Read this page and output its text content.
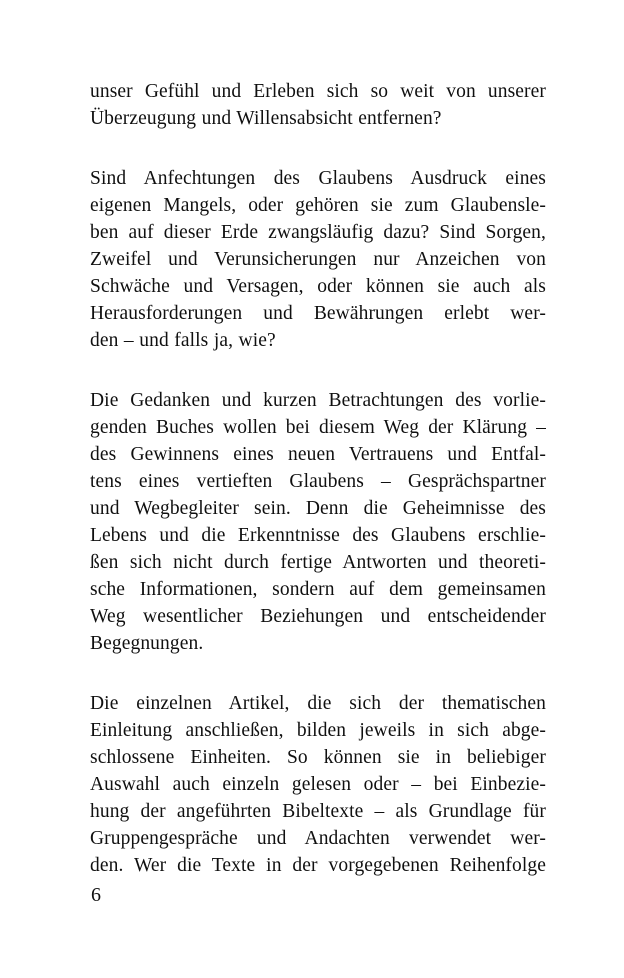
unser Gefühl und Erleben sich so weit von unserer
Überzeugung und Willensabsicht entfernen?
Sind Anfechtungen des Glaubens Ausdruck eines
eigenen Mangels, oder gehören sie zum Glaubensle-
ben auf dieser Erde zwangsläufig dazu? Sind Sorgen,
Zweifel und Verunsicherungen nur Anzeichen von
Schwäche und Versagen, oder können sie auch als
Herausforderungen und Bewährungen erlebt wer-
den – und falls ja, wie?
Die Gedanken und kurzen Betrachtungen des vorlie-
genden Buches wollen bei diesem Weg der Klärung –
des Gewinnens eines neuen Vertrauens und Entfal-
tens eines vertieften Glaubens – Gesprächspartner
und Wegbegleiter sein. Denn die Geheimnisse des
Lebens und die Erkenntnisse des Glaubens erschlie-
ßen sich nicht durch fertige Antworten und theoreti-
sche Informationen, sondern auf dem gemeinsamen
Weg wesentlicher Beziehungen und entscheidender
Begegnungen.
Die einzelnen Artikel, die sich der thematischen
Einleitung anschließen, bilden jeweils in sich abge-
schlossene Einheiten. So können sie in beliebiger
Auswahl auch einzeln gelesen oder – bei Einbezie-
hung der angeführten Bibeltexte – als Grundlage für
Gruppengespräche und Andachten verwendet wer-
den. Wer die Texte in der vorgegebenen Reihenfolge
6
